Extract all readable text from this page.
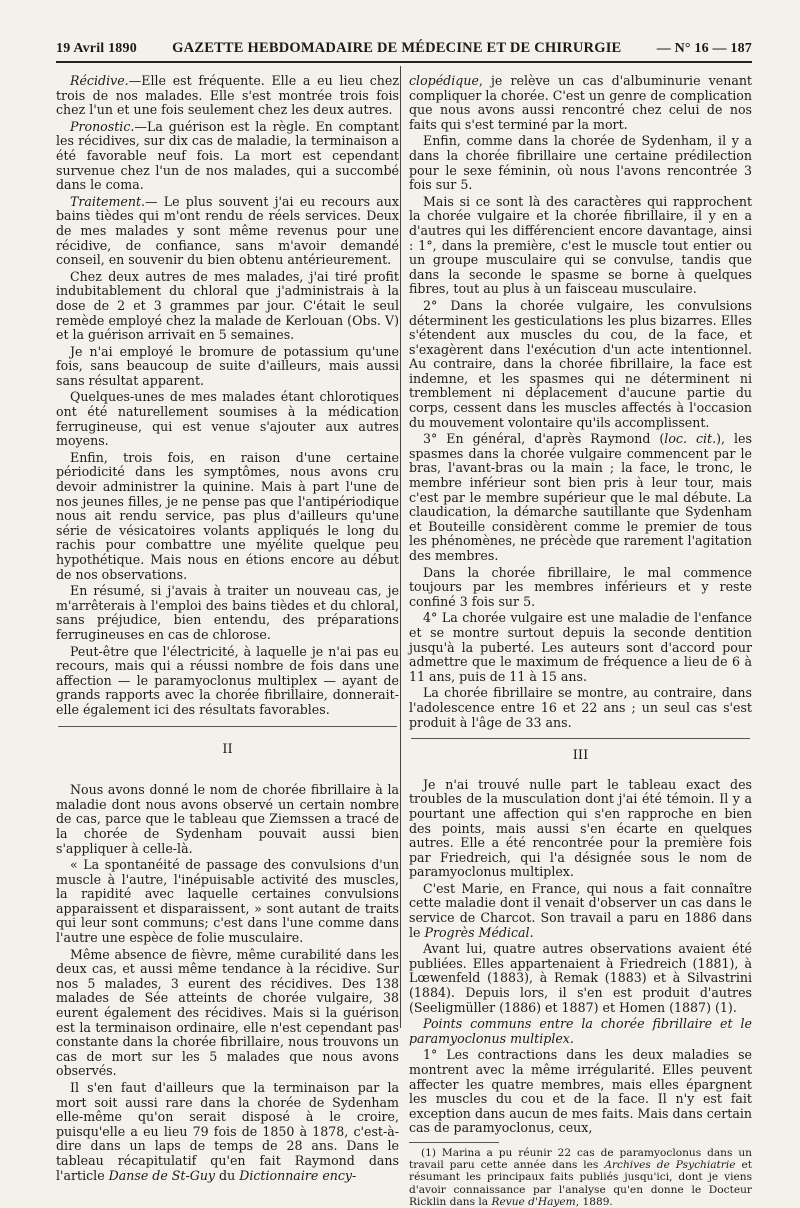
19 Avril 1890 GAZETTE HEBDOMADAIRE DE MÉDECINE ET DE CHIRURGIE	— N° 16 — 187

Récidive.—Elle est fréquente. Elle a eu lieu chez trois de nos malades. Elle s'est montrée trois fois chez l'un et une fois seulement chez les deux autres.

Pronostic.—La guérison est la règle. En comptant les récidives, sur dix cas de maladie, la terminaison a été favorable neuf fois. La mort est cependant survenue chez l'un de nos malades, qui a succombé dans le coma.

Traitement.— Le plus souvent j'ai eu recours aux bains tièdes qui m'ont rendu de réels services. Deux de mes malades y sont même revenus pour une récidive, de confiance, sans m'avoir demandé conseil, en souvenir du bien obtenu antérieurement.

Chez deux autres de mes malades, j'ai tiré profit indubitablement du chloral que j'administrais à la dose de 2 et 3 grammes par jour. C'était le seul remède employé chez la malade de Kerlouan (Obs. V) et la guérison arrivait en 5 semaines.

Je n'ai employé le bromure de potassium qu'une fois, sans beaucoup de suite d'ailleurs, mais aussi sans résultat apparent.

Quelques-unes de mes malades étant chlorotiques ont été naturellement soumises à la médication ferrugineuse, qui est venue s'ajouter aux autres moyens.

Enfin, trois fois, en raison d'une certaine périodicité dans les symptômes, nous avons cru devoir administrer la quinine. Mais à part l'une de nos jeunes filles, je ne pense pas que l'antipériodique nous ait rendu service, pas plus d'ailleurs qu'une série de vésicatoires volants appliqués le long du rachis pour combattre une myélite quelque peu hypothétique. Mais nous en étions encore au début de nos observations.

En résumé, si j'avais à traiter un nouveau cas, je m'arrêterais à l'emploi des bains tièdes et du chloral, sans préjudice, bien entendu, des préparations ferrugineuses en cas de chlorose.

Peut-être que l'électricité, à laquelle je n'ai pas eu recours, mais qui a réussi nombre de fois dans une affection — le paramyoclonus multiplex — ayant de grands rapports avec la chorée fibrillaire, donnerait-elle également ici des résultats favorables.

II

Nous avons donné le nom de chorée fibrillaire à la maladie dont nous avons observé un certain nombre de cas, parce que le tableau que Ziemssen a tracé de la chorée de Sydenham pouvait aussi bien s'appliquer à celle-là.

« La spontanéité de passage des convulsions d'un muscle à l'autre, l'inépuisable activité des muscles, la rapidité avec laquelle certaines convulsions apparaissent et disparaissent, » sont autant de traits qui leur sont communs; c'est dans l'une comme dans l'autre une espèce de folie musculaire.

Même absence de fièvre, même curabilité dans les deux cas, et aussi même tendance à la récidive. Sur nos 5 malades, 3 eurent des récidives. Des 138 malades de Sée atteints de chorée vulgaire, 38 eurent également des récidives. Mais si la guérison est la terminaison ordinaire, elle n'est cependant pas constante dans la chorée fibrillaire, nous trouvons un cas de mort sur les 5 malades que nous avons observés.

Il s'en faut d'ailleurs que la terminaison par la mort soit aussi rare dans la chorée de Sydenham elle-même qu'on serait disposé à le croire, puisqu'elle a eu lieu 79 fois de 1850 à 1878, c'est-à-dire dans un laps de temps de 28 ans. Dans le tableau récapitulatif qu'en fait Raymond dans l'article Danse de St-Guy du Dictionnaire ency-

clopédique, je relève un cas d'albuminurie venant compliquer la chorée. C'est un genre de complication que nous avons aussi rencontré chez celui de nos faits qui s'est terminé par la mort.

Enfin, comme dans la chorée de Sydenham, il y a dans la chorée fibrillaire une certaine prédilection pour le sexe féminin, où nous l'avons rencontrée 3 fois sur 5.

Mais si ce sont là des caractères qui rapprochent la chorée vulgaire et la chorée fibrillaire, il y en a d'autres qui les différencient encore davantage, ainsi : 1°, dans la première, c'est le muscle tout entier ou un groupe musculaire qui se convulse, tandis que dans la seconde le spasme se borne à quelques fibres, tout au plus à un faisceau musculaire.

2° Dans la chorée vulgaire, les convulsions déterminent les gesticulations les plus bizarres. Elles s'étendent aux muscles du cou, de la face, et s'exagèrent dans l'exécution d'un acte intentionnel. Au contraire, dans la chorée fibrillaire, la face est indemne, et les spasmes qui ne déterminent ni tremblement ni déplacement d'aucune partie du corps, cessent dans les muscles affectés à l'occasion du mouvement volontaire qu'ils accomplissent.

3° En général, d'après Raymond (loc. cit.), les spasmes dans la chorée vulgaire commencent par le bras, l'avant-bras ou la main ; la face, le tronc, le membre inférieur sont bien pris à leur tour, mais c'est par le membre supérieur que le mal débute. La claudication, la démarche sautillante que Sydenham et Bouteille considèrent comme le premier de tous les phénomènes, ne précède que rarement l'agitation des membres.

Dans la chorée fibrillaire, le mal commence toujours par les membres inférieurs et y reste confiné 3 fois sur 5.

4° La chorée vulgaire est une maladie de l'enfance et se montre surtout depuis la seconde dentition jusqu'à la puberté. Les auteurs sont d'accord pour admettre que le maximum de fréquence a lieu de 6 à 11 ans, puis de 11 à 15 ans.

La chorée fibrillaire se montre, au contraire, dans l'adolescence entre 16 et 22 ans ; un seul cas s'est produit à l'âge de 33 ans.

III

Je n'ai trouvé nulle part le tableau exact des troubles de la musculation dont j'ai été témoin. Il y a pourtant une affection qui s'en rapproche en bien des points, mais aussi s'en écarte en quelques autres. Elle a été rencontrée pour la première fois par Friedreich, qui l'a désignée sous le nom de paramyoclonus multiplex.

C'est Marie, en France, qui nous a fait connaître cette maladie dont il venait d'observer un cas dans le service de Charcot. Son travail a paru en 1886 dans le Progrès Médical.

Avant lui, quatre autres observations avaient été publiées. Elles appartenaient à Friedreich (1881), à Lœwenfeld (1883), à Remak (1883) et à Silvastrini (1884). Depuis lors, il s'en est produit d'autres (Seeligmüller (1886) et 1887) et Homen (1887) (1).

Points communs entre la chorée fibrillaire et le paramyoclonus multiplex.

1° Les contractions dans les deux maladies se montrent avec la même irrégularité. Elles peuvent affecter les quatre membres, mais elles épargnent les muscles du cou et de la face. Il n'y est fait exception dans aucun de mes faits. Mais dans certain cas de paramyoclonus, ceux,

(1) Marina a pu réunir 22 cas de paramyoclonus dans un travail paru cette année dans les Archives de Psychiatrie et résumant les principaux faits publiés jusqu'ici, dont je viens d'avoir connaissance par l'analyse qu'en donne le Docteur Ricklin dans la Revue d'Hayem, 1889.
